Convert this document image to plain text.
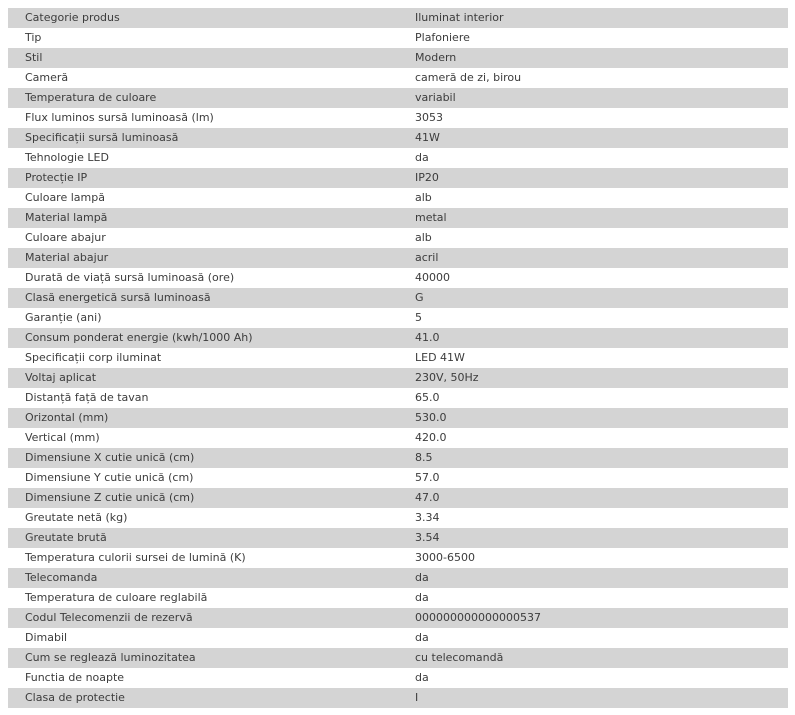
Categorie produs	Iluminat interior
Tip	Plafoniere
Stil	Modern
Cameră	cameră de zi, birou
Temperatura de culoare	variabil
Flux luminos sursă luminoasă (lm)	3053
Specificații sursă luminoasă	41W
Tehnologie LED	da
Protecție IP	IP20
Culoare lampă	alb
Material lampă	metal
Culoare abajur	alb
Material abajur	acril
Durată de viață sursă luminoasă (ore)	40000
Clasă energetică sursă luminoasă	G
Garanție (ani)	5
Consum ponderat energie (kwh/1000 Ah)	41.0
Specificații corp iluminat	LED 41W
Voltaj aplicat	230V, 50Hz
Distanță față de tavan	65.0
Orizontal (mm)	530.0
Vertical (mm)	420.0
Dimensiune X cutie unică (cm)	8.5
Dimensiune Y cutie unică (cm)	57.0
Dimensiune Z cutie unică (cm)	47.0
Greutate netă (kg)	3.34
Greutate brută	3.54
Temperatura culorii sursei de lumină (K)	3000-6500
Telecomanda	da
Temperatura de culoare reglabilă	da
Codul Telecomenzii de rezervă	000000000000000537
Dimabil	da
Cum se reglează luminozitatea	cu telecomandă
Functia de noapte	da
Clasa de protectie	I
